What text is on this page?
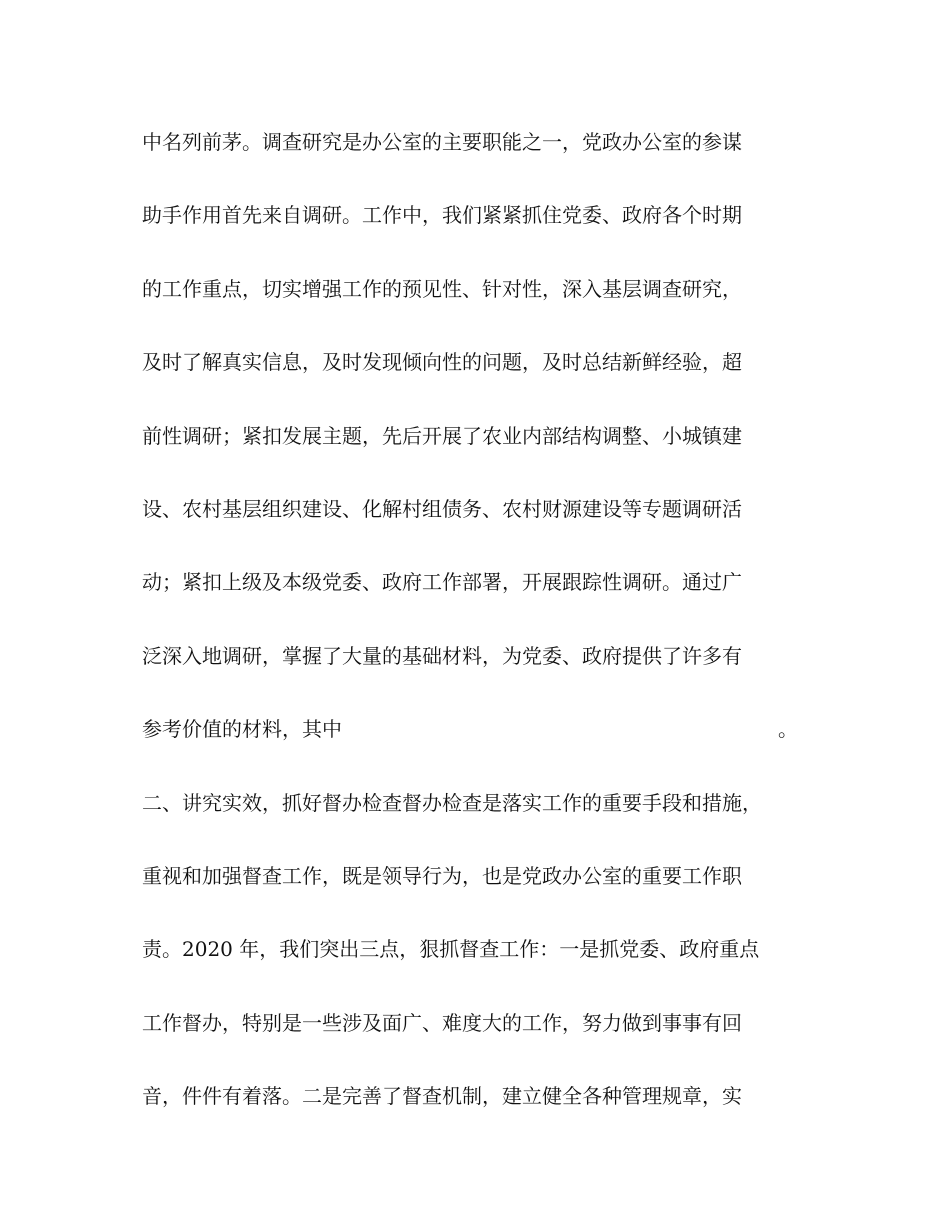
中名列前茅。调查研究是办公室的主要职能之一，党政办公室的参谋
助手作用首先来自调研。工作中，我们紧紧抓住党委、政府各个时期
的工作重点，切实增强工作的预见性、针对性，深入基层调查研究，
及时了解真实信息，及时发现倾向性的问题，及时总结新鲜经验，超
前性调研；紧扣发展主题，先后开展了农业内部结构调整、小城镇建
设、农村基层组织建设、化解村组债务、农村财源建设等专题调研活
动；紧扣上级及本级党委、政府工作部署，开展跟踪性调研。通过广
泛深入地调研，掌握了大量的基础材料，为党委、政府提供了许多有
参考价值的材料，其中	。
二、讲究实效，抓好督办检查督办检查是落实工作的重要手段和措施，
重视和加强督查工作，既是领导行为，也是党政办公室的重要工作职
责。2020 年，我们突出三点，狠抓督查工作：一是抓党委、政府重点
工作督办，特别是一些涉及面广、难度大的工作，努力做到事事有回
音，件件有着落。二是完善了督查机制，建立健全各种管理规章，实
